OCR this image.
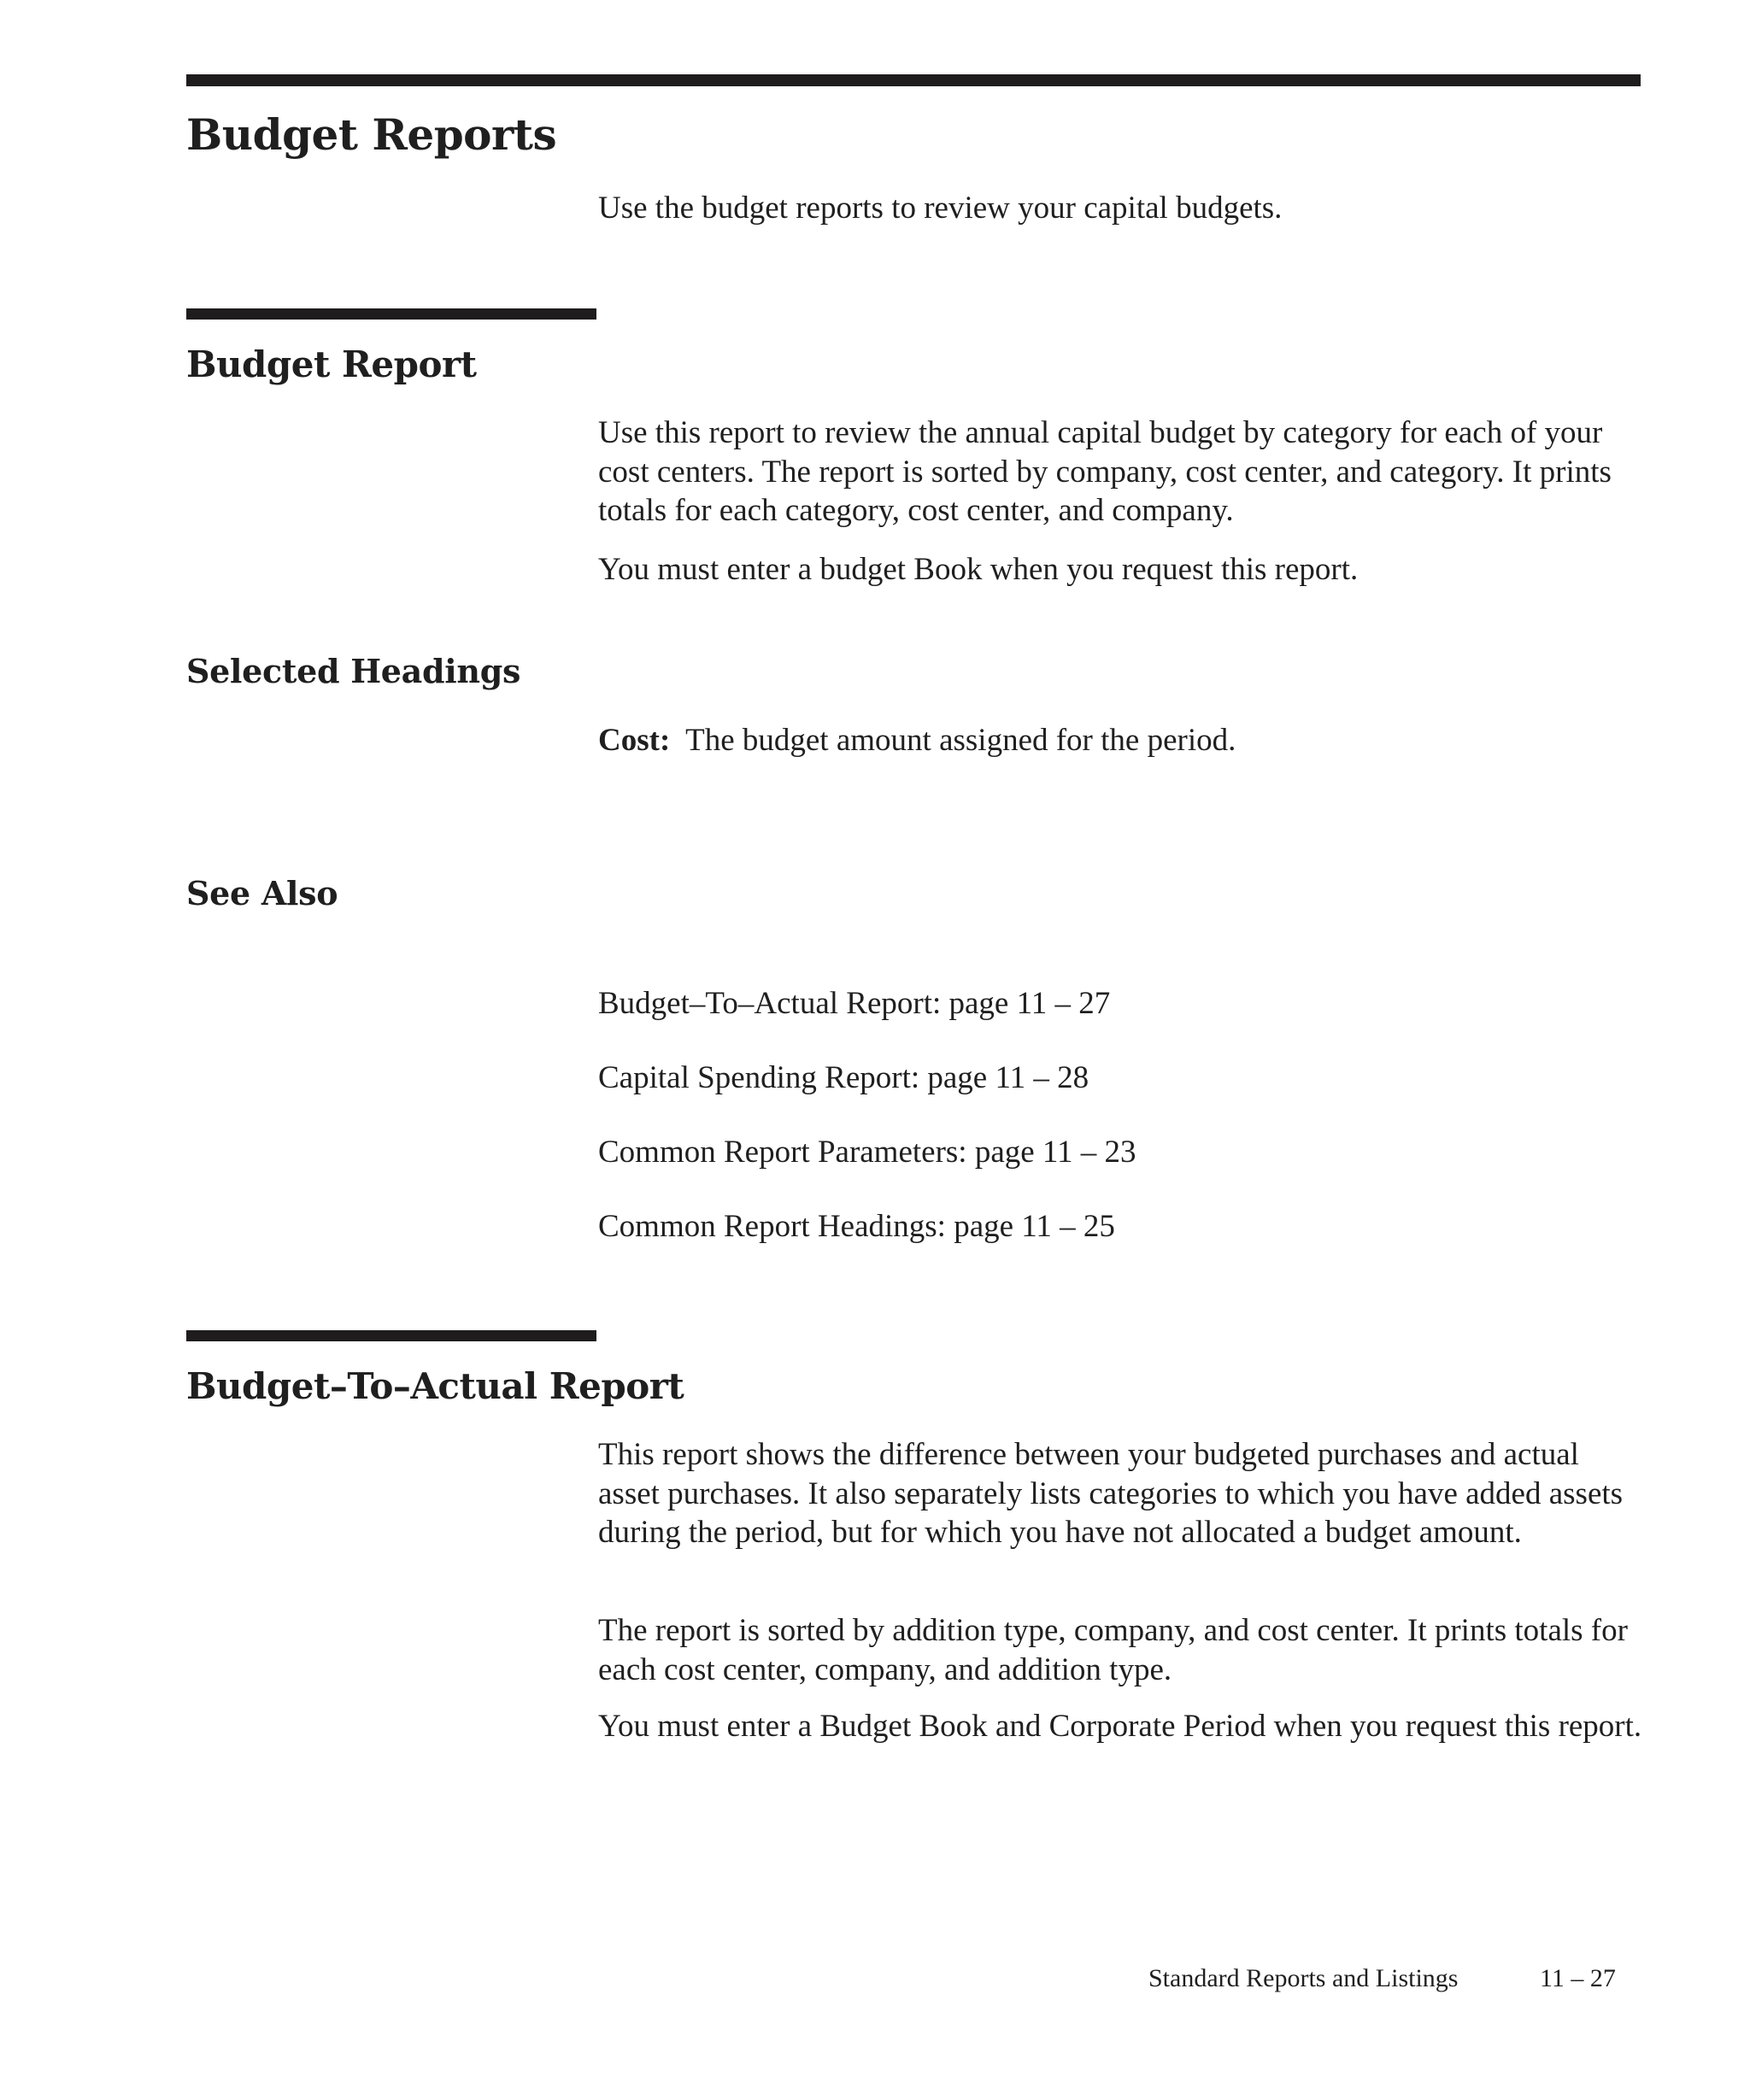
Budget Reports

Use the budget reports to review your capital budgets.

Budget Report

Use this report to review the annual capital budget by category for each of your cost centers. The report is sorted by company, cost center, and category. It prints totals for each category, cost center, and company.

You must enter a budget Book when you request this report.

Selected Headings

Cost: The budget amount assigned for the period.

See Also

Budget–To–Actual Report: page 11 – 27

Capital Spending Report: page 11 – 28

Common Report Parameters: page 11 – 23

Common Report Headings: page 11 – 25

Budget–To–Actual Report

This report shows the difference between your budgeted purchases and actual asset purchases. It also separately lists categories to which you have added assets during the period, but for which you have not allocated a budget amount.

The report is sorted by addition type, company, and cost center. It prints totals for each cost center, company, and addition type.

You must enter a Budget Book and Corporate Period when you request this report.

Standard Reports and Listings	11 – 27
